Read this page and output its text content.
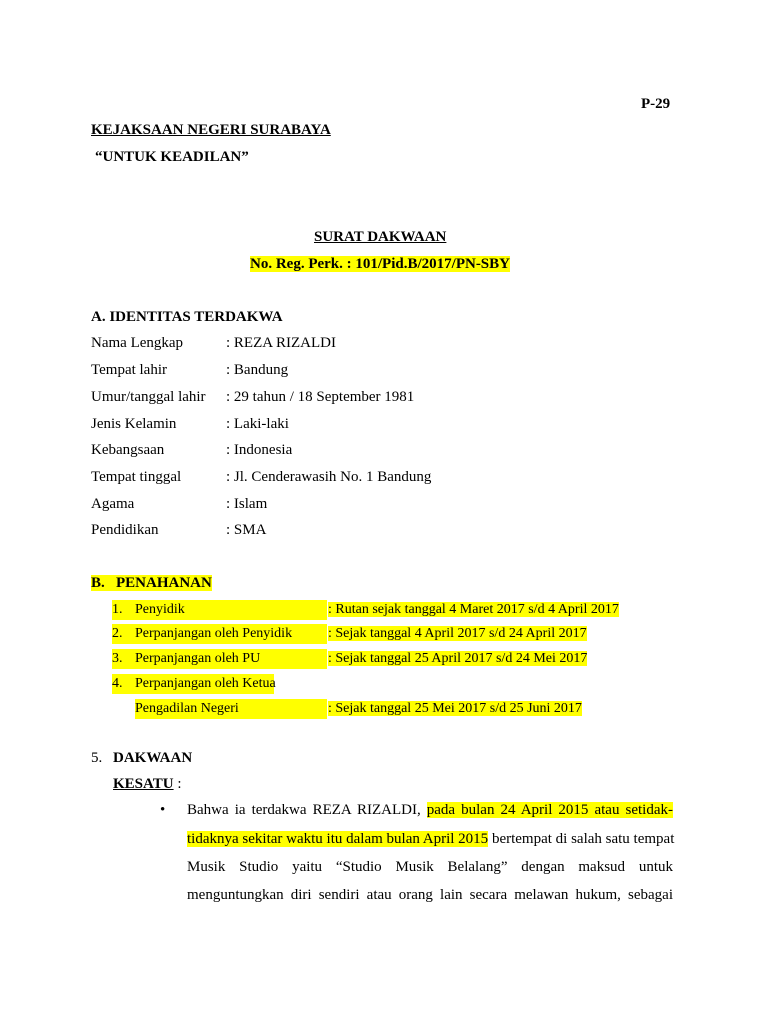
P-29
KEJAKSAAN NEGERI SURABAYA
“UNTUK KEADILAN”
SURAT DAKWAAN
No. Reg. Perk. : 101/Pid.B/2017/PN-SBY
A. IDENTITAS TERDAKWA
Nama Lengkap	: REZA RIZALDI
Tempat lahir	: Bandung
Umur/tanggal lahir : 29 tahun / 18 September 1981
Jenis Kelamin	: Laki-laki
Kebangsaan	: Indonesia
Tempat tinggal	: Jl. Cenderawasih No. 1 Bandung
Agama	: Islam
Pendidikan	: SMA
B. PENAHANAN
1. Penyidik	: Rutan sejak tanggal 4 Maret 2017 s/d 4 April 2017
2. Perpanjangan oleh Penyidik	: Sejak tanggal 4 April 2017 s/d 24 April 2017
3. Perpanjangan oleh PU	: Sejak tanggal 25 April 2017 s/d 24 Mei 2017
4. Perpanjangan oleh Ketua
Pengadilan Negeri	: Sejak tanggal 25 Mei 2017 s/d 25 Juni 2017
5. DAKWAAN
KESATU :
• Bahwa ia terdakwa REZA RIZALDI, pada bulan 24 April 2015 atau setidak-
tidaknya sekitar waktu itu dalam bulan April 2015 bertempat di salah satu tempat
Musik Studio yaitu “Studio Musik Belalang” dengan maksud untuk
menguntungkan diri sendiri atau orang lain secara melawan hukum, sebagai
